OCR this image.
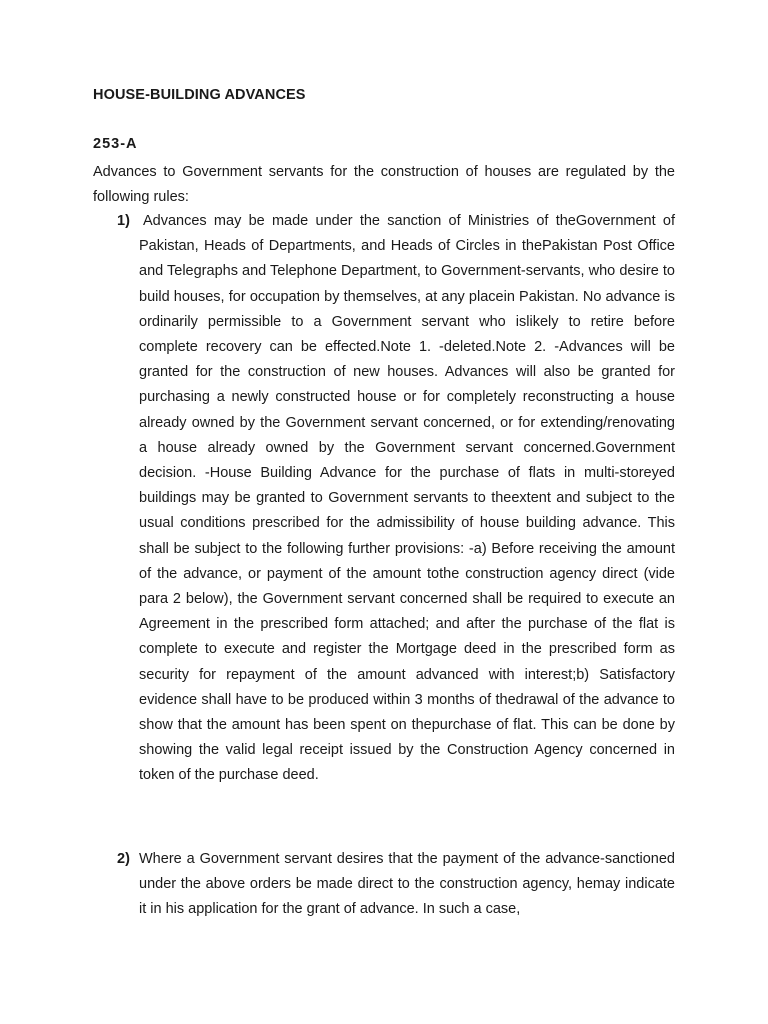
HOUSE-BUILDING ADVANCES
253-A

Advances to Government servants for the construction of houses are regulated by the following rules:

1) Advances may be made under the sanction of Ministries of theGovernment of Pakistan, Heads of Departments, and Heads of Circles in thePakistan Post Office and Telegraphs and Telephone Department, to Government-servants, who desire to build houses, for occupation by themselves, at any placein Pakistan. No advance is ordinarily permissible to a Government servant who islikely to retire before complete recovery can be effected.Note 1. -deleted.Note 2. -Advances will be granted for the construction of new houses. Advances will also be granted for purchasing a newly constructed house or for completely reconstructing a house already owned by the Government servant concerned, or for extending/renovating a house already owned by the Government servant concerned.Government decision. -House Building Advance for the purchase of flats in multi-storeyed buildings may be granted to Government servants to theextent and subject to the usual conditions prescribed for the admissibility of house building advance. This shall be subject to the following further provisions: -a) Before receiving the amount of the advance, or payment of the amount tothe construction agency direct (vide para 2 below), the Government servant concerned shall be required to execute an Agreement in the prescribed form attached; and after the purchase of the flat is complete to execute and register the Mortgage deed in the prescribed form as security for repayment of the amount advanced with interest;b) Satisfactory evidence shall have to be produced within 3 months of thedrawal of the advance to show that the amount has been spent on thepurchase of flat. This can be done by showing the valid legal receipt issued by the Construction Agency concerned in token of the purchase deed.

2) Where a Government servant desires that the payment of the advance-sanctioned under the above orders be made direct to the construction agency, hemay indicate it in his application for the grant of advance. In such a case,
